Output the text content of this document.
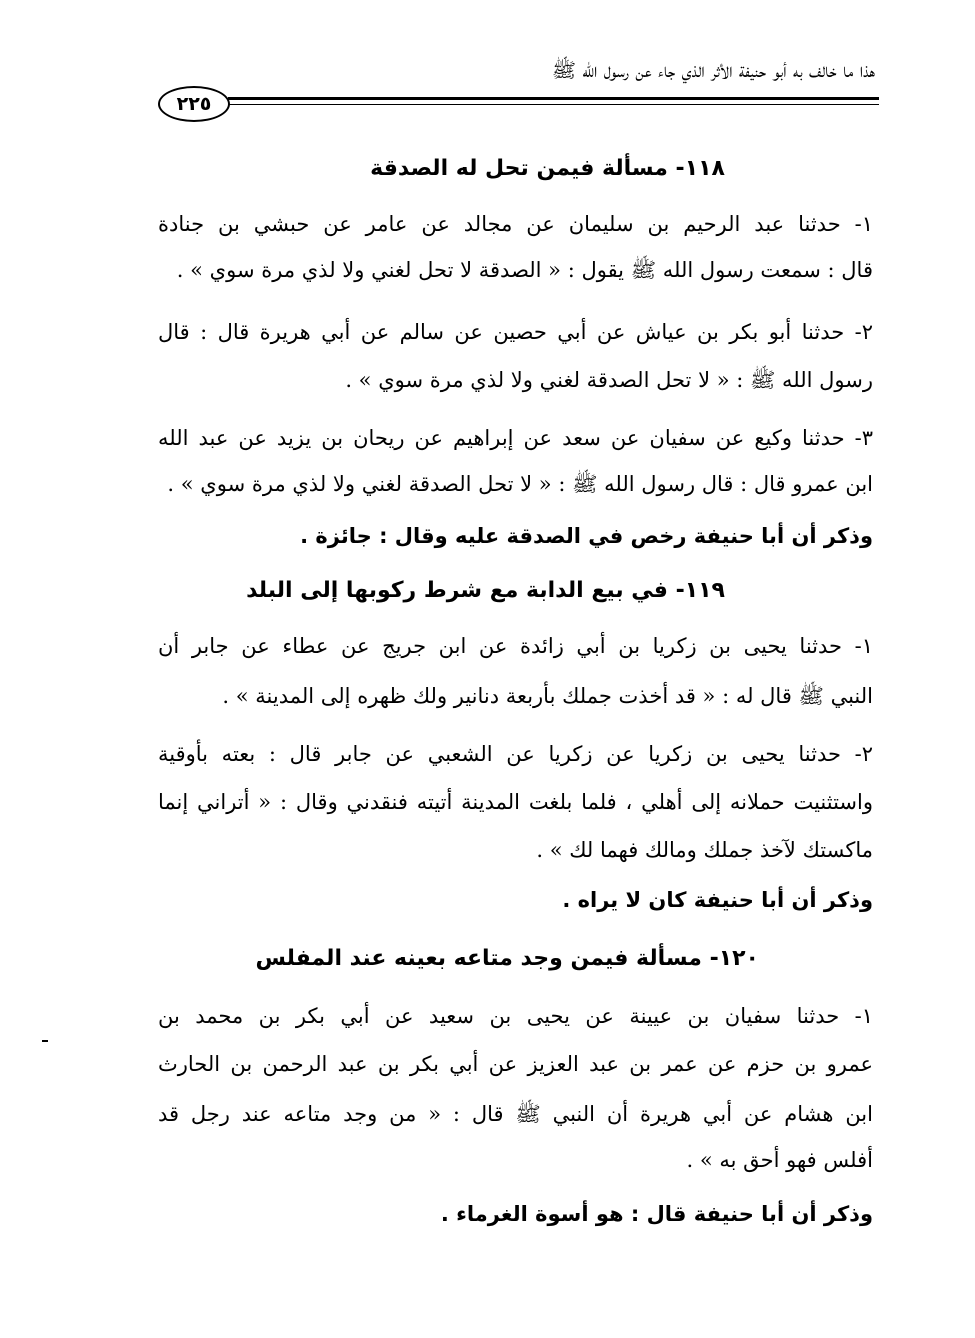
هذا ما خالف به أبو حنيفة الأثر الذي جاء عن رسول الله ﷺ
٢٢٥
١١٨- مسألة فيمن تحل له الصدقة
١- حدثنا عبد الرحيم بن سليمان عن مجالد عن عامر عن حبشي بن جنادة
قال : سمعت رسول الله ﷺ يقول : « الصدقة لا تحل لغني ولا لذي مرة سوي » .
٢- حدثنا أبو بكر بن عياش عن أبي حصين عن سالم عن أبي هريرة قال : قال
رسول الله ﷺ : « لا تحل الصدقة لغني ولا لذي مرة سوي » .
٣- حدثنا وكيع عن سفيان عن سعد عن إبراهيم عن ريحان بن يزيد عن عبد الله
ابن عمرو قال : قال رسول الله ﷺ : « لا تحل الصدقة لغني ولا لذي مرة سوي » .
وذكر أن أبا حنيفة رخص في الصدقة عليه وقال : جائزة .
١١٩- في بيع الدابة مع شرط ركوبها إلى البلد
١- حدثنا يحيى بن زكريا بن أبي زائدة عن ابن جريج عن عطاء عن جابر أن
النبي ﷺ قال له : « قد أخذت جملك بأربعة دنانير ولك ظهره إلى المدينة » .
٢- حدثنا يحيى بن زكريا عن زكريا عن الشعبي عن جابر قال : بعته بأوقية
واستثنيت حملانه إلى أهلي ، فلما بلغت المدينة أتيته فنقدني وقال : « أتراني إنما
ماكستك لآخذ جملك ومالك فهما لك » .
وذكر أن أبا حنيفة كان لا يراه .
١٢٠- مسألة فيمن وجد متاعه بعينه عند المفلس
١- حدثنا سفيان بن عيينة عن يحيى بن سعيد عن أبي بكر بن محمد بن
عمرو بن حزم عن عمر بن عبد العزيز عن أبي بكر بن عبد الرحمن بن الحارث
ابن هشام عن أبي هريرة أن النبي ﷺ قال : « من وجد متاعه عند رجل قد
أفلس فهو أحق به » .
وذكر أن أبا حنيفة قال : هو أسوة الغرماء .
